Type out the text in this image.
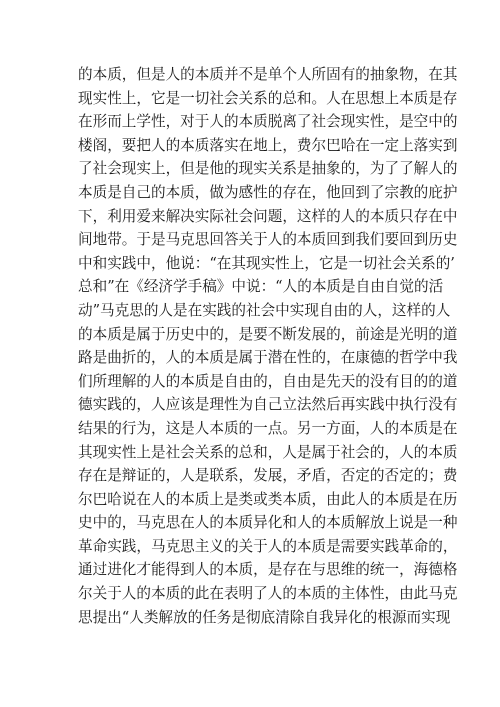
的本质，但是人的本质并不是单个人所固有的抽象物，在其
现实性上，它是一切社会关系的总和。人在思想上本质是存
在形而上学性，对于人的本质脱离了社会现实性，是空中的
楼阁，要把人的本质落实在地上，费尔巴哈在一定上落实到
了社会现实上，但是他的现实关系是抽象的，为了了解人的
本质是自己的本质，做为感性的存在，他回到了宗教的庇护
下，利用爱来解决实际社会问题，这样的人的本质只存在中
间地带。于是马克思回答关于人的本质回到我们要回到历史
中和实践中，他说：“在其现实性上，它是一切社会关系的’
总和”在《经济学手稿》中说：“人的本质是自由自觉的活
动”马克思的人是在实践的社会中实现自由的人，这样的人
的本质是属于历史中的，是要不断发展的，前途是光明的道
路是曲折的，人的本质是属于潜在性的，在康德的哲学中我
们所理解的人的本质是自由的，自由是先天的没有目的的道
德实践的，人应该是理性为自己立法然后再实践中执行没有
结果的行为，这是人本质的一点。另一方面，人的本质是在
其现实性上是社会关系的总和，人是属于社会的，人的本质
存在是辩证的，人是联系，发展，矛盾，否定的否定的；费
尔巴哈说在人的本质上是类或类本质，由此人的本质是在历
史中的，马克思在人的本质异化和人的本质解放上说是一种
革命实践，马克思主义的关于人的本质是需要实践革命的，
通过进化才能得到人的本质，是存在与思维的统一，海德格
尔关于人的本质的此在表明了人的本质的主体性，由此马克
思提出“人类解放的任务是彻底清除自我异化的根源而实现
